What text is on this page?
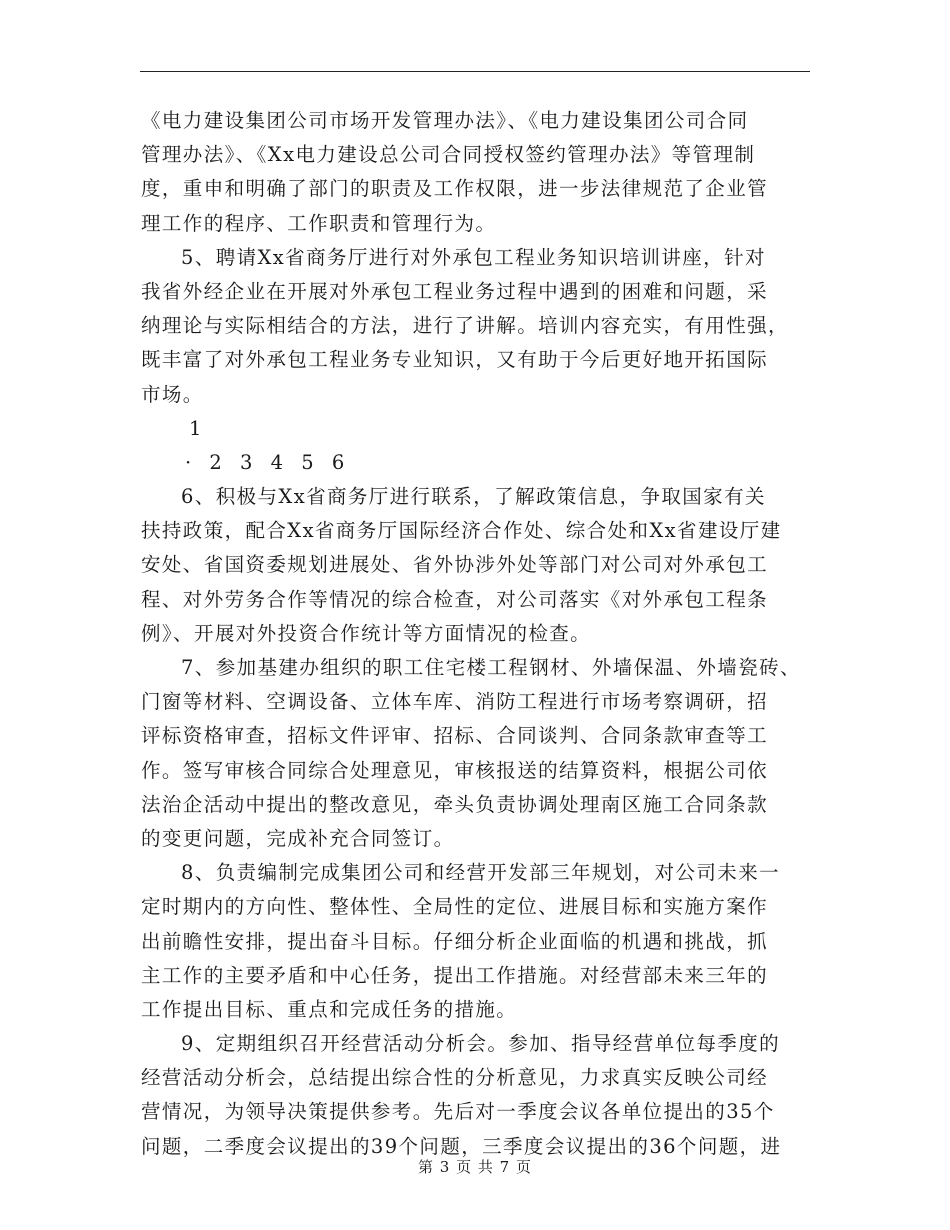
《电力建设集团公司市场开发管理办法》、《电力建设集团公司合同
管理办法》、《Xx电力建设总公司合同授权签约管理办法》等管理制
度，重申和明确了部门的职责及工作权限，进一步法律规范了企业管
理工作的程序、工作职责和管理行为。
5、聘请Xx省商务厅进行对外承包工程业务知识培训讲座，针对
我省外经企业在开展对外承包工程业务过程中遇到的困难和问题，采
纳理论与实际相结合的方法，进行了讲解。培训内容充实，有用性强，
既丰富了对外承包工程业务专业知识，又有助于今后更好地开拓国际
市场。
1
· 2 3 4 5 6
6、积极与Xx省商务厅进行联系，了解政策信息，争取国家有关
扶持政策，配合Xx省商务厅国际经济合作处、综合处和Xx省建设厅建
安处、省国资委规划进展处、省外协涉外处等部门对公司对外承包工
程、对外劳务合作等情况的综合检查，对公司落实《对外承包工程条
例》、开展对外投资合作统计等方面情况的检查。
7、参加基建办组织的职工住宅楼工程钢材、外墙保温、外墙瓷砖、
门窗等材料、空调设备、立体车库、消防工程进行市场考察调研，招
评标资格审查，招标文件评审、招标、合同谈判、合同条款审查等工
作。签写审核合同综合处理意见，审核报送的结算资料，根据公司依
法治企活动中提出的整改意见，牵头负责协调处理南区施工合同条款
的变更问题，完成补充合同签订。
8、负责编制完成集团公司和经营开发部三年规划，对公司未来一
定时期内的方向性、整体性、全局性的定位、进展目标和实施方案作
出前瞻性安排，提出奋斗目标。仔细分析企业面临的机遇和挑战，抓
主工作的主要矛盾和中心任务，提出工作措施。对经营部未来三年的
工作提出目标、重点和完成任务的措施。
9、定期组织召开经营活动分析会。参加、指导经营单位每季度的
经营活动分析会，总结提出综合性的分析意见，力求真实反映公司经
营情况，为领导决策提供参考。先后对一季度会议各单位提出的35个
问题，二季度会议提出的39个问题，三季度会议提出的36个问题，进
第 3 页 共 7 页
